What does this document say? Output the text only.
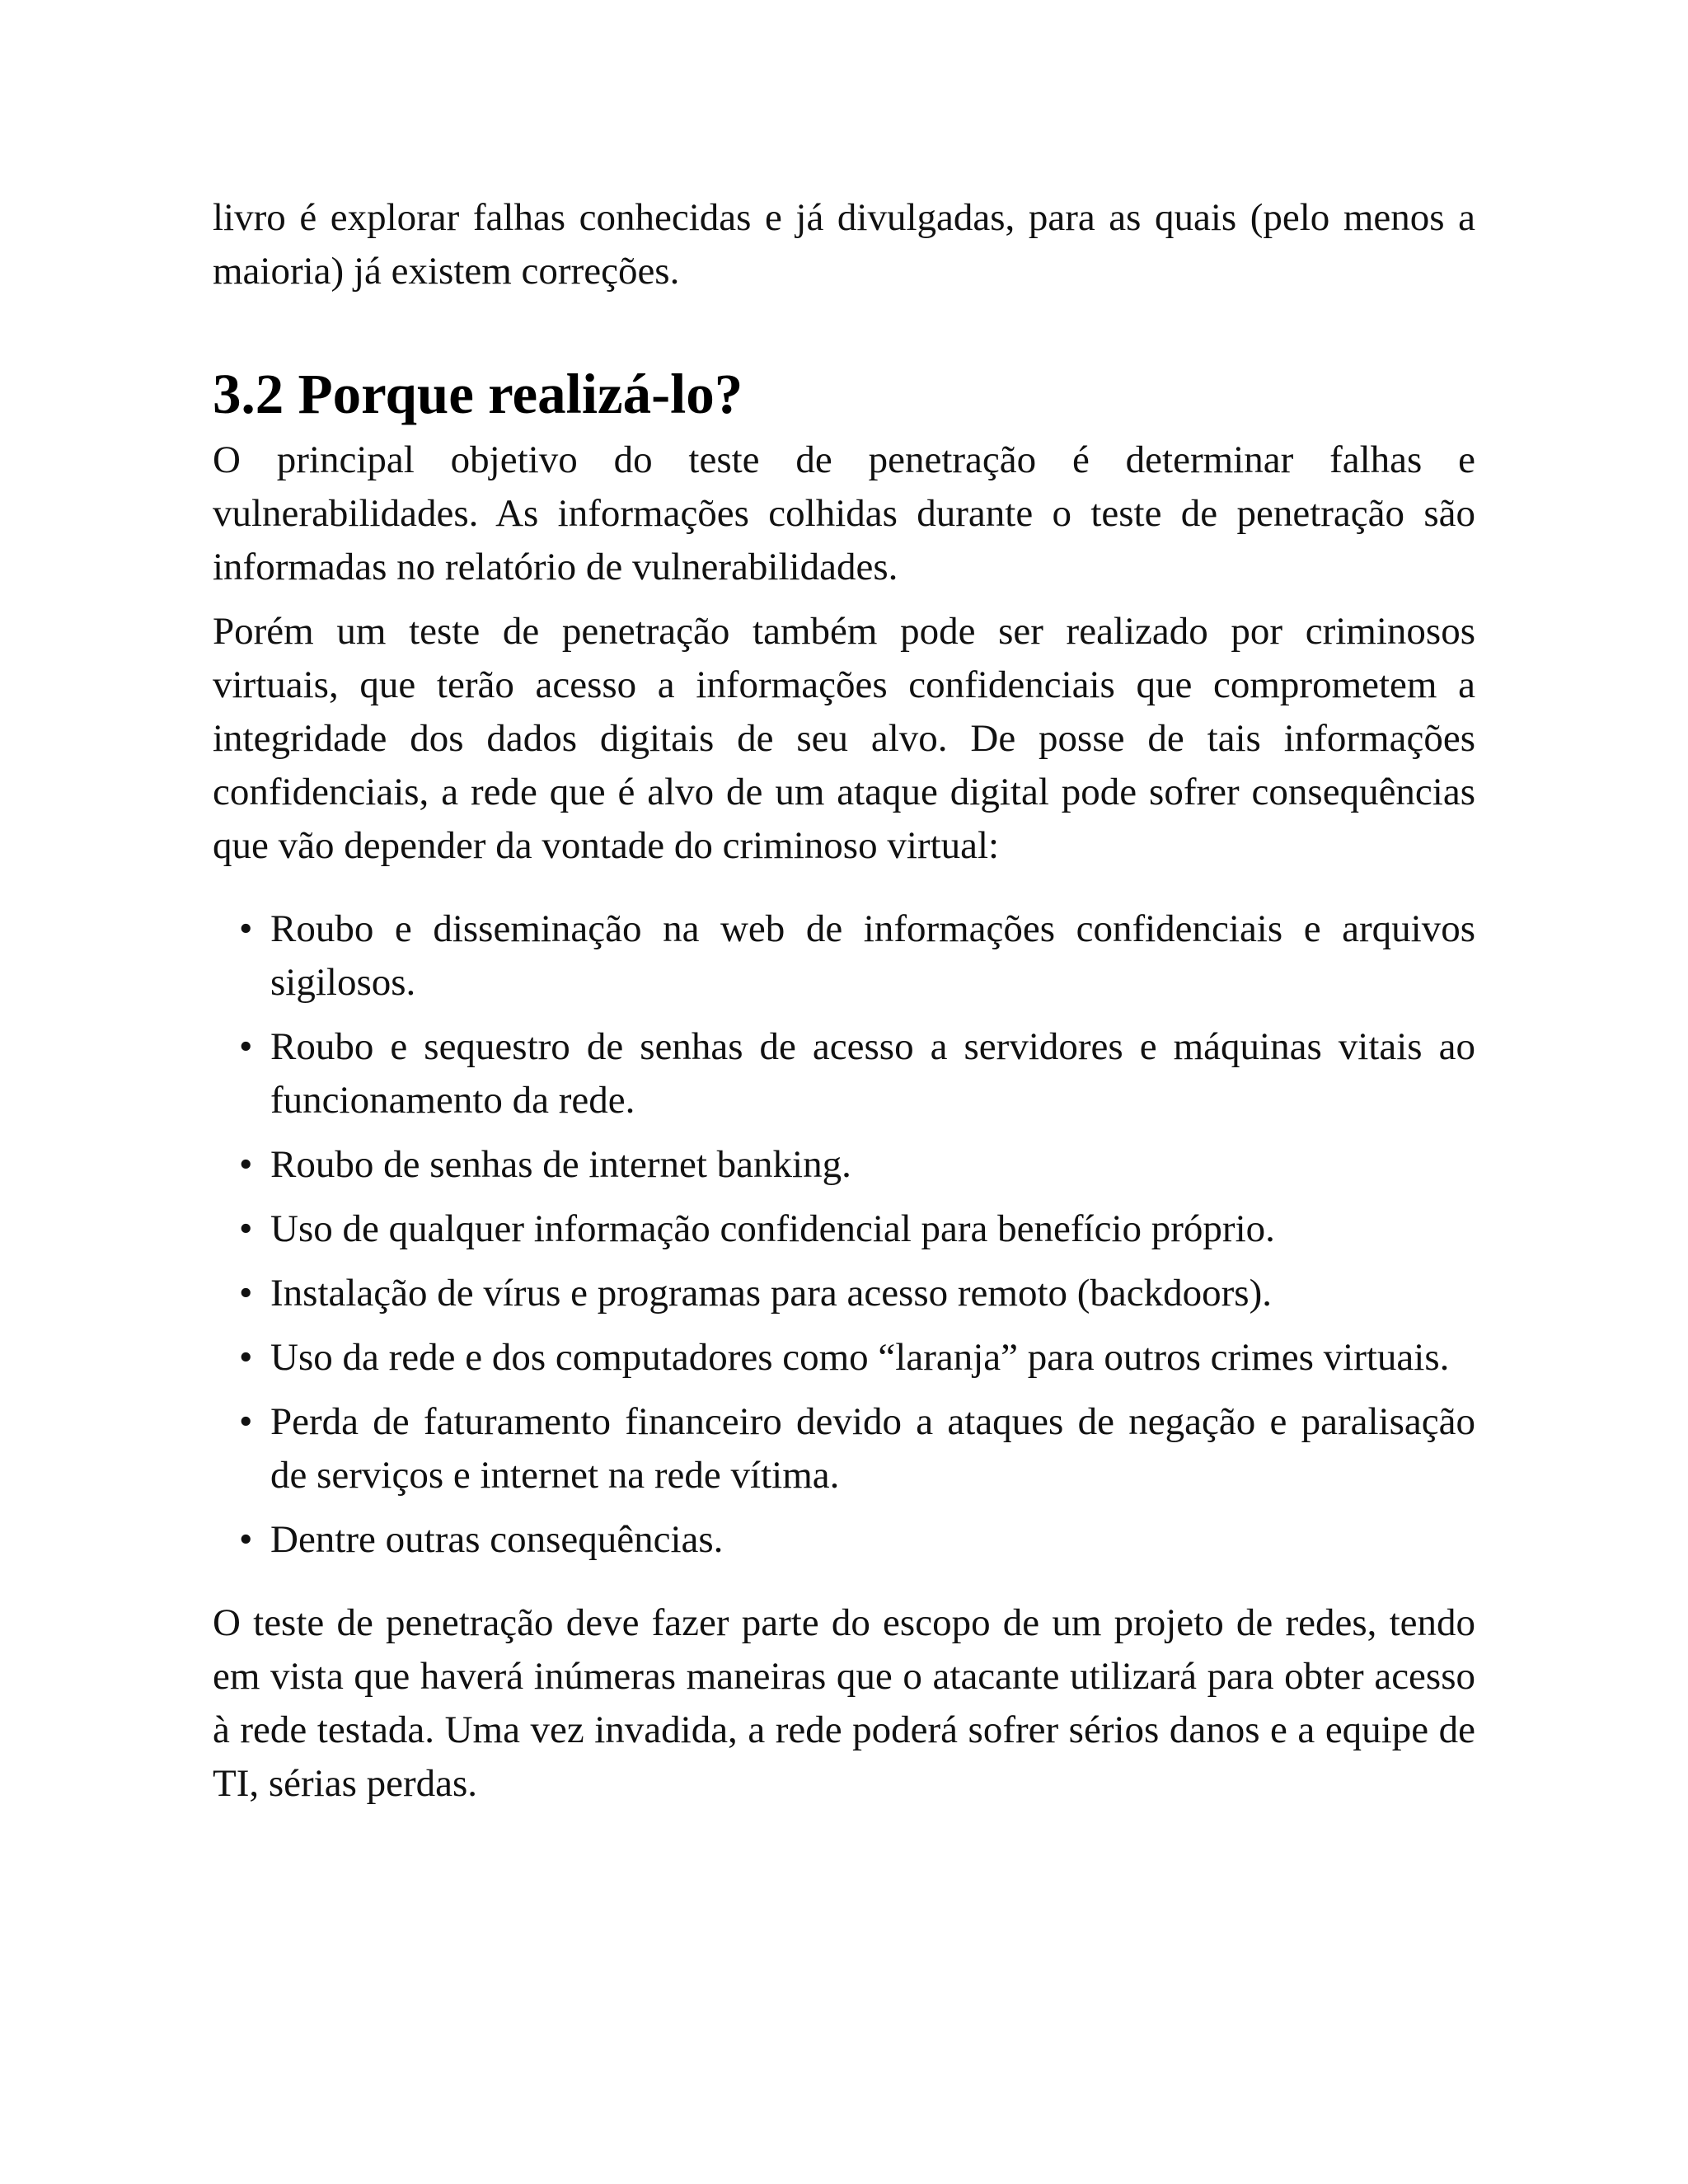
livro é explorar falhas conhecidas e já divulgadas, para as quais (pelo menos a maioria) já existem correções.

3.2 Porque realizá-lo?

O principal objetivo do teste de penetração é determinar falhas e vulnerabilidades. As informações colhidas durante o teste de penetração são informadas no relatório de vulnerabilidades.

Porém um teste de penetração também pode ser realizado por criminosos virtuais, que terão acesso a informações confidenciais que comprometem a integridade dos dados digitais de seu alvo. De posse de tais informações confidenciais, a rede que é alvo de um ataque digital pode sofrer consequências que vão depender da vontade do criminoso virtual:

• Roubo e disseminação na web de informações confidenciais e arquivos sigilosos.
• Roubo e sequestro de senhas de acesso a servidores e máquinas vitais ao funcionamento da rede.
• Roubo de senhas de internet banking.
• Uso de qualquer informação confidencial para benefício próprio.
• Instalação de vírus e programas para acesso remoto (backdoors).
• Uso da rede e dos computadores como “laranja” para outros crimes virtuais.
• Perda de faturamento financeiro devido a ataques de negação e paralisação de serviços e internet na rede vítima.
• Dentre outras consequências.

O teste de penetração deve fazer parte do escopo de um projeto de redes, tendo em vista que haverá inúmeras maneiras que o atacante utilizará para obter acesso à rede testada. Uma vez invadida, a rede poderá sofrer sérios danos e a equipe de TI, sérias perdas.
